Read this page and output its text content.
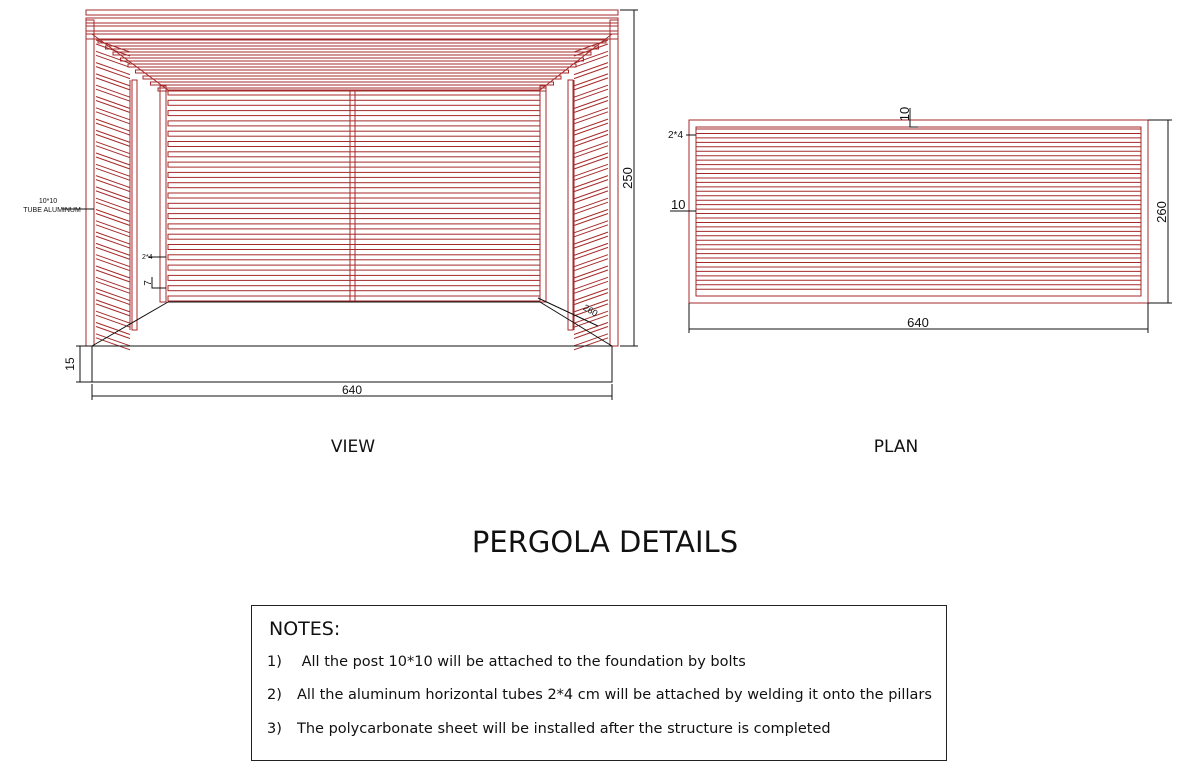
640
250
15
260
10*10
TUBE ALUMINUM
2*4
7
640
260
10
10
2*4
VIEW	PLAN
PERGOLA DETAILS
NOTES:
1) All the post 10*10 will be attached to the foundation by bolts
2) All the aluminum horizontal tubes 2*4 cm will be attached by welding it onto the pillars
3) The polycarbonate sheet will be installed after the structure is completed
